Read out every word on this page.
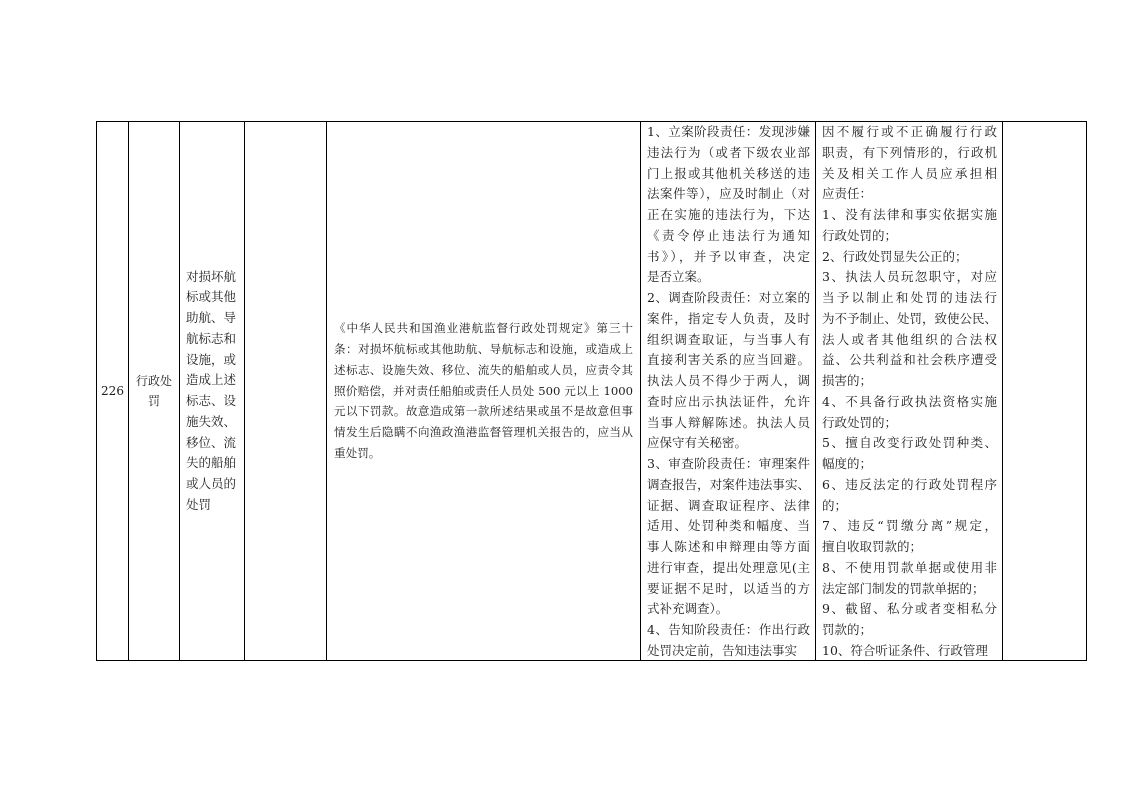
226
行政处罚
对损坏航
标或其他
助航、导
航标志和
设施，或
造成上述
标志、设
施失效、
移位、流
失的船舶
或人员的
处罚
《中华人民共和国渔业港航监督行政处罚规定》第三十
条：对损坏航标或其他助航、导航标志和设施，或造成上
述标志、设施失效、移位、流失的船舶或人员，应责令其
照价赔偿，并对责任船舶或责任人员处 500 元以上 1000
元以下罚款。故意造成第一款所述结果或虽不是故意但事
情发生后隐瞒不向渔政渔港监督管理机关报告的，应当从
重处罚。
1、立案阶段责任：发现涉嫌
违法行为（或者下级农业部
门上报或其他机关移送的违
法案件等），应及时制止（对
正在实施的违法行为，下达
《责令停止违法行为通知
书》），并予以审查，决定
是否立案。
2、调查阶段责任：对立案的
案件，指定专人负责，及时
组织调查取证，与当事人有
直接利害关系的应当回避。
执法人员不得少于两人，调
查时应出示执法证件，允许
当事人辩解陈述。执法人员
应保守有关秘密。
3、审查阶段责任：审理案件
调查报告，对案件违法事实、
证据、调查取证程序、法律
适用、处罚种类和幅度、当
事人陈述和申辩理由等方面
进行审查，提出处理意见(主
要证据不足时，以适当的方
式补充调查）。
4、告知阶段责任：作出行政
处罚决定前，告知违法事实
因不履行或不正确履行行政
职责，有下列情形的，行政机
关及相关工作人员应承担相
应责任：
1、没有法律和事实依据实施
行政处罚的；
2、行政处罚显失公正的；
3、执法人员玩忽职守，对应
当予以制止和处罚的违法行
为不予制止、处罚，致使公民、
法人或者其他组织的合法权
益、公共利益和社会秩序遭受
损害的；
4、不具备行政执法资格实施
行政处罚的；
5、擅自改变行政处罚种类、
幅度的；
6、违反法定的行政处罚程序
的；
7、违反“罚缴分离”规定，
擅自收取罚款的；
8、不使用罚款单据或使用非
法定部门制发的罚款单据的；
9、截留、私分或者变相私分
罚款的；
10、符合听证条件、行政管理
